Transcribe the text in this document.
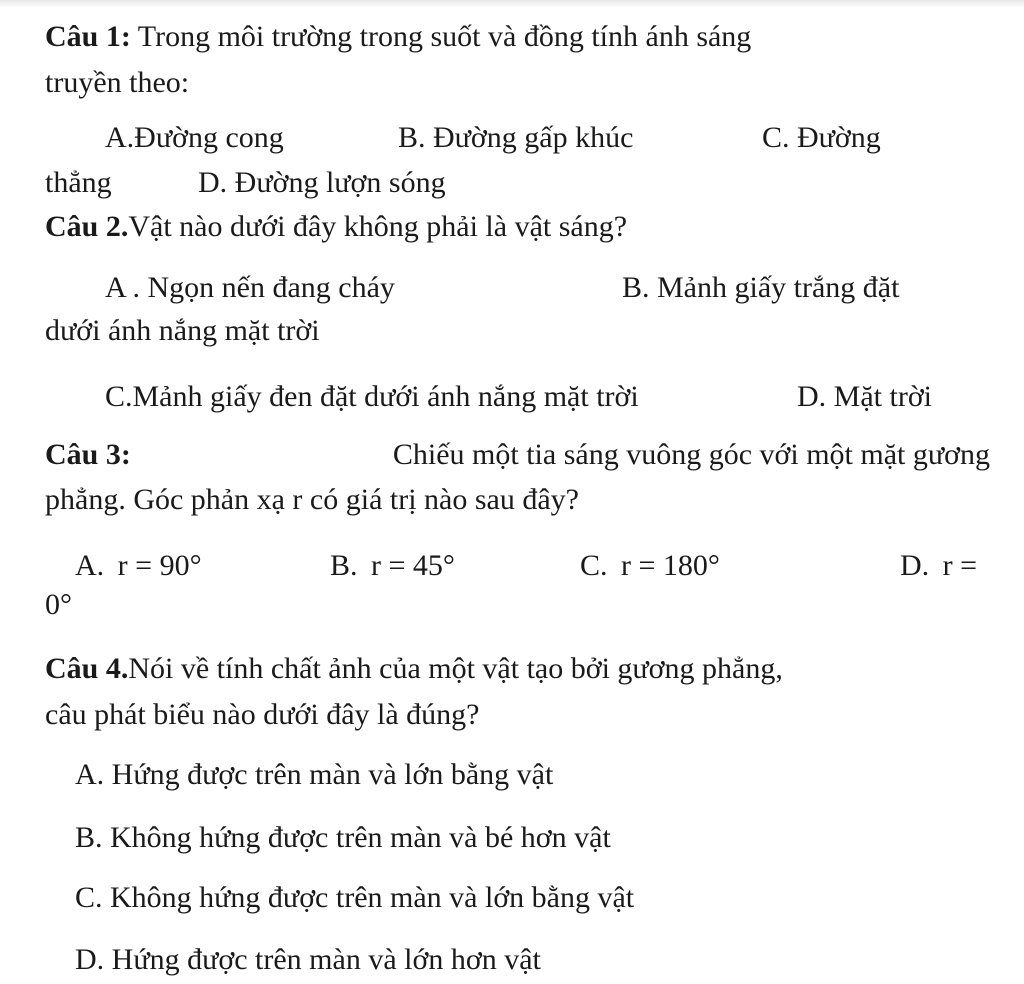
Câu 1: Trong môi trường trong suốt và đồng tính ánh sáng
truyền theo:
A.Đường cong	B. Đường gấp khúc	C. Đường
thẳng	D. Đường lượn sóng
Câu 2.Vật nào dưới đây không phải là vật sáng?
A . Ngọn nến đang cháy	B. Mảnh giấy trắng đặt
dưới ánh nắng mặt trời
C.Mảnh giấy đen đặt dưới ánh nắng mặt trời	D. Mặt trời
Câu 3:	Chiếu một tia sáng vuông góc với một mặt gương
phẳng. Góc phản xạ r có giá trị nào sau đây?
A. r = 90°	B. r = 45°	C. r = 180°	D. r =
0°
Câu 4.Nói về tính chất ảnh của một vật tạo bởi gương phẳng,
câu phát biểu nào dưới đây là đúng?
A. Hứng được trên màn và lớn bằng vật
B. Không hứng được trên màn và bé hơn vật
C. Không hứng được trên màn và lớn bằng vật
D. Hứng được trên màn và lớn hơn vật
